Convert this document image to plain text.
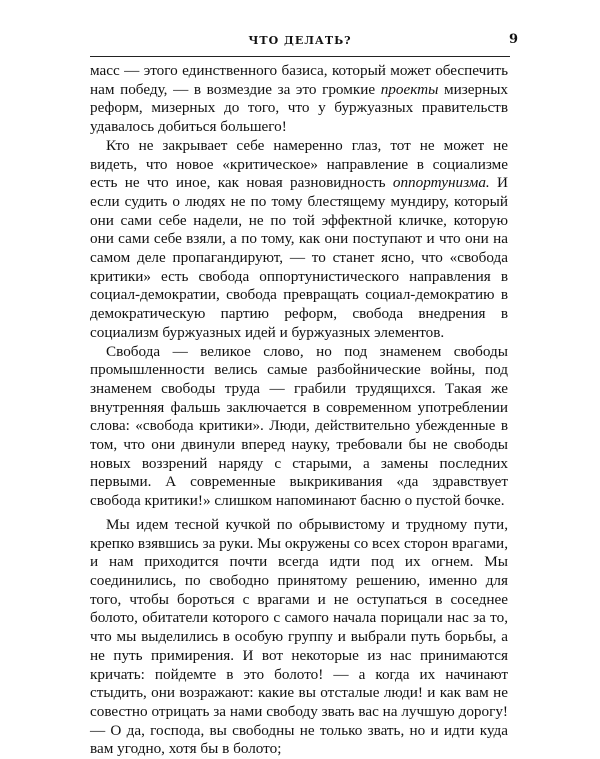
ЧТО ДЕЛАТЬ?	9

масс — этого единственного базиса, который может обеспечить нам победу, — в возмездие за это громкие проекты мизерных реформ, мизерных до того, что у буржуазных правительств удавалось добиться большего!

Кто не закрывает себе намеренно глаз, тот не может не видеть, что новое «критическое» направление в социализме есть не что иное, как новая разновидность оппортунизма. И если судить о людях не по тому блестящему мундиру, который они сами себе надели, не по той эффектной кличке, которую они сами себе взяли, а по тому, как они поступают и что они на самом деле пропагандируют, — то станет ясно, что «свобода критики» есть свобода оппортунистического направления в социал-демократии, свобода превращать социал-демократию в демократическую партию реформ, свобода внедрения в социализм буржуазных идей и буржуазных элементов.

Свобода — великое слово, но под знаменем свободы промышленности велись самые разбойнические войны, под знаменем свободы труда — грабили трудящихся. Такая же внутренняя фальшь заключается в современном употреблении слова: «свобода критики». Люди, действительно убежденные в том, что они двинули вперед науку, требовали бы не свободы новых воззрений наряду с старыми, а замены последних первыми. А современные выкрикивания «да здравствует свобода критики!» слишком напоминают басню о пустой бочке.

Мы идем тесной кучкой по обрывистому и трудному пути, крепко взявшись за руки. Мы окружены со всех сторон врагами, и нам приходится почти всегда идти под их огнем. Мы соединились, по свободно принятому решению, именно для того, чтобы бороться с врагами и не оступаться в соседнее болото, обитатели которого с самого начала порицали нас за то, что мы выделились в особую группу и выбрали путь борьбы, а не путь примирения. И вот некоторые из нас принимаются кричать: пойдемте в это болото! — а когда их начинают стыдить, они возражают: какие вы отсталые люди! и как вам не совестно отрицать за нами свободу звать вас на лучшую дорогу! — О да, господа, вы свободны не только звать, но и идти куда вам угодно, хотя бы в болото;
